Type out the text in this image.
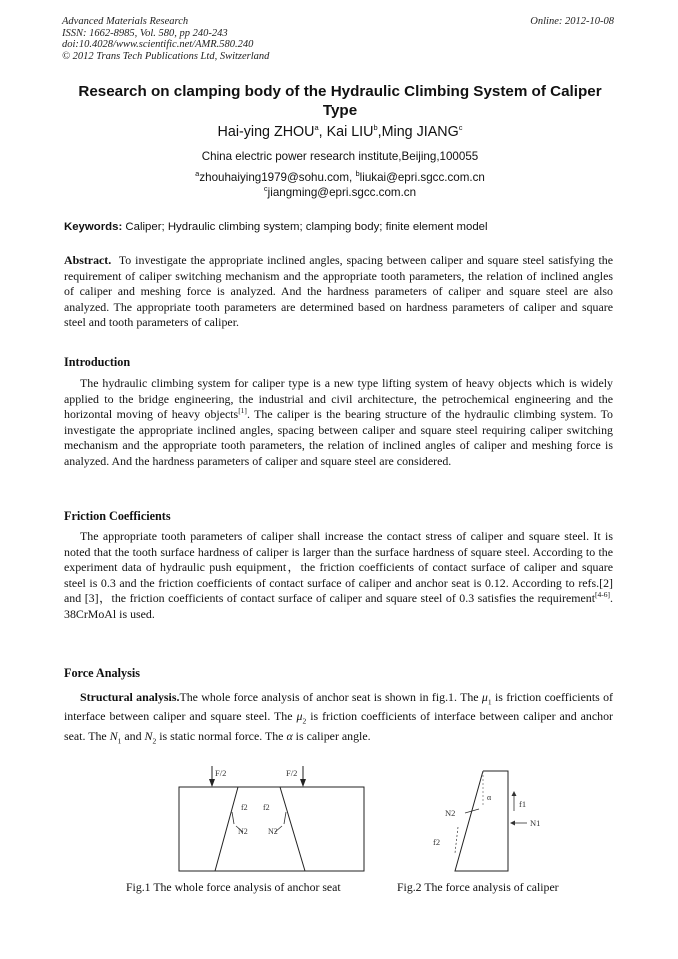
Advanced Materials Research
ISSN: 1662-8985, Vol. 580, pp 240-243
doi:10.4028/www.scientific.net/AMR.580.240
© 2012 Trans Tech Publications Ltd, Switzerland
Online: 2012-10-08
Research on clamping body of the Hydraulic Climbing System of Caliper Type
Hai-ying ZHOU$^a$, Kai LIU$^b$,Ming JIANG$^c$
China electric power research institute,Beijing,100055
$^a$zhouhaiying1979@sohu.com, $^b$liukai@epri.sgcc.com.cn
$^c$jiangming@epri.sgcc.com.cn
Keywords: Caliper; Hydraulic climbing system; clamping body; finite element model

Abstract. To investigate the appropriate inclined angles, spacing between caliper and square steel satisfying the requirement of caliper switching mechanism and the appropriate tooth parameters, the relation of inclined angles of caliper and meshing force is analyzed. And the hardness parameters of caliper and square steel are also analyzed. The appropriate tooth parameters are determined based on hardness parameters of caliper and square steel and tooth parameters of caliper.

Introduction

The hydraulic climbing system for caliper type is a new type lifting system of heavy objects which is widely applied to the bridge engineering, the industrial and civil architecture, the petrochemical engineering and the horizontal moving of heavy objects[1]. The caliper is the bearing structure of the hydraulic climbing system. To investigate the appropriate inclined angles, spacing between caliper and square steel requiring caliper switching mechanism and the appropriate tooth parameters, the relation of inclined angles of caliper and meshing force is analyzed. And the hardness parameters of caliper and square steel are considered.

Friction Coefficients

The appropriate tooth parameters of caliper shall increase the contact stress of caliper and square steel. It is noted that the tooth surface hardness of caliper is larger than the surface hardness of square steel. According to the experiment data of hydraulic push equipment，the friction coefficients of contact surface of caliper and square steel is 0.3 and the friction coefficients of contact surface of caliper and anchor seat is 0.12. According to refs.[2] and [3]，the friction coefficients of contact surface of caliper and square steel of 0.3 satisfies the requirement[4-6]. 38CrMoAl is used.

Force Analysis

Structural analysis.The whole force analysis of anchor seat is shown in fig.1. The $\mu_1$ is friction coefficients of interface between caliper and square steel. The $\mu_2$ is friction coefficients of interface between caliper and anchor seat. The $N_1$ and $N_2$ is static normal force. The α is caliper angle.

F/2	F/2
f2 f2
N2	N2
α
N2
f1
N1
f2
Fig.1 The whole force analysis of anchor seat	Fig.2 The force analysis of caliper
